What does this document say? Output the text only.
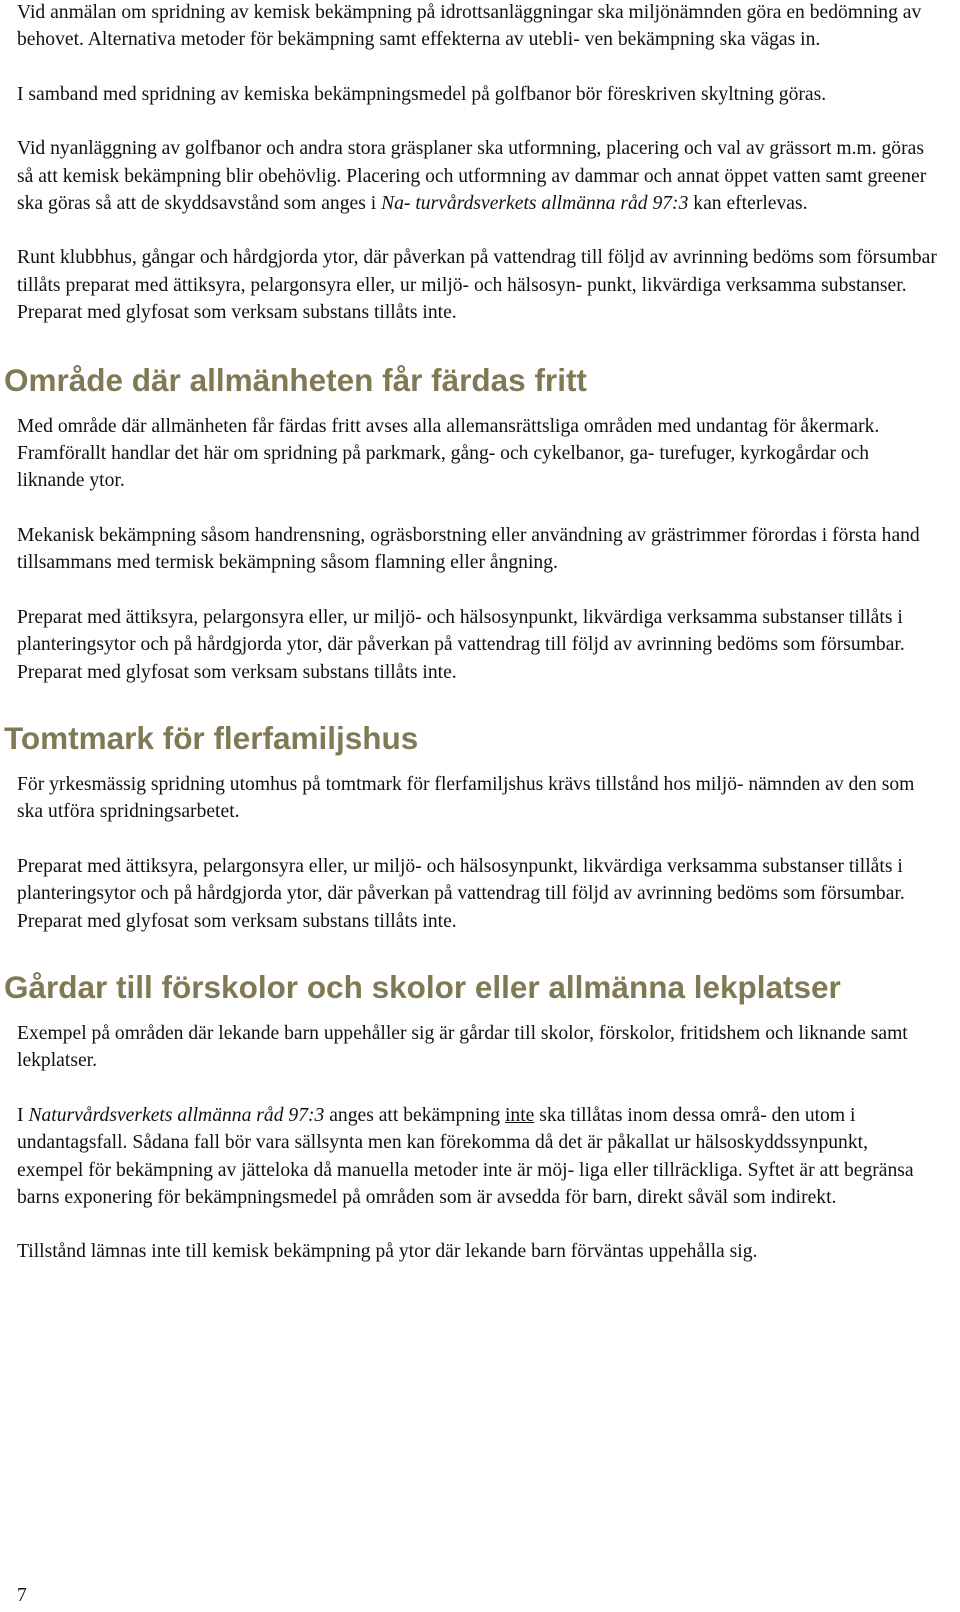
Vid anmälan om spridning av kemisk bekämpning på idrottsanläggningar ska miljönämnden göra en bedömning av behovet. Alternativa metoder för bekämpning samt effekterna av utebli- ven bekämpning ska vägas in.

I samband med spridning av kemiska bekämpningsmedel på golfbanor bör föreskriven skyltning göras.

Vid nyanläggning av golfbanor och andra stora gräsplaner ska utformning, placering och val av grässort m.m. göras så att kemisk bekämpning blir obehövlig. Placering och utformning av dammar och annat öppet vatten samt greener ska göras så att de skyddsavstånd som anges i Na- turvårdsverkets allmänna råd 97:3 kan efterlevas.

Runt klubbhus, gångar och hårdgjorda ytor, där påverkan på vattendrag till följd av avrinning bedöms som försumbar tillåts preparat med ättiksyra, pelargonsyra eller, ur miljö- och hälsosyn- punkt, likvärdiga verksamma substanser. Preparat med glyfosat som verksam substans tillåts inte.

Område där allmänheten får färdas fritt

Med område där allmänheten får färdas fritt avses alla allemansrättsliga områden med undantag för åkermark. Framförallt handlar det här om spridning på parkmark, gång- och cykelbanor, ga- turefuger, kyrkogårdar och liknande ytor.

Mekanisk bekämpning såsom handrensning, ogräsborstning eller användning av grästrimmer förordas i första hand tillsammans med termisk bekämpning såsom flamning eller ångning.

Preparat med ättiksyra, pelargonsyra eller, ur miljö- och hälsosynpunkt, likvärdiga verksamma substanser tillåts i planteringsytor och på hårdgjorda ytor, där påverkan på vattendrag till följd av avrinning bedöms som försumbar. Preparat med glyfosat som verksam substans tillåts inte.

Tomtmark för flerfamiljshus

För yrkesmässig spridning utomhus på tomtmark för flerfamiljshus krävs tillstånd hos miljö- nämnden av den som ska utföra spridningsarbetet.

Preparat med ättiksyra, pelargonsyra eller, ur miljö- och hälsosynpunkt, likvärdiga verksamma substanser tillåts i planteringsytor och på hårdgjorda ytor, där påverkan på vattendrag till följd av avrinning bedöms som försumbar. Preparat med glyfosat som verksam substans tillåts inte.

Gårdar till förskolor och skolor eller allmänna lekplatser

Exempel på områden där lekande barn uppehåller sig är gårdar till skolor, förskolor, fritidshem och liknande samt lekplatser.

I Naturvårdsverkets allmänna råd 97:3 anges att bekämpning inte ska tillåtas inom dessa områ- den utom i undantagsfall. Sådana fall bör vara sällsynta men kan förekomma då det är påkallat ur hälsoskyddssynpunkt, exempel för bekämpning av jätteloka då manuella metoder inte är möj- liga eller tillräckliga. Syftet är att begränsa barns exponering för bekämpningsmedel på områden som är avsedda för barn, direkt såväl som indirekt.

Tillstånd lämnas inte till kemisk bekämpning på ytor där lekande barn förväntas uppehålla sig.

7
